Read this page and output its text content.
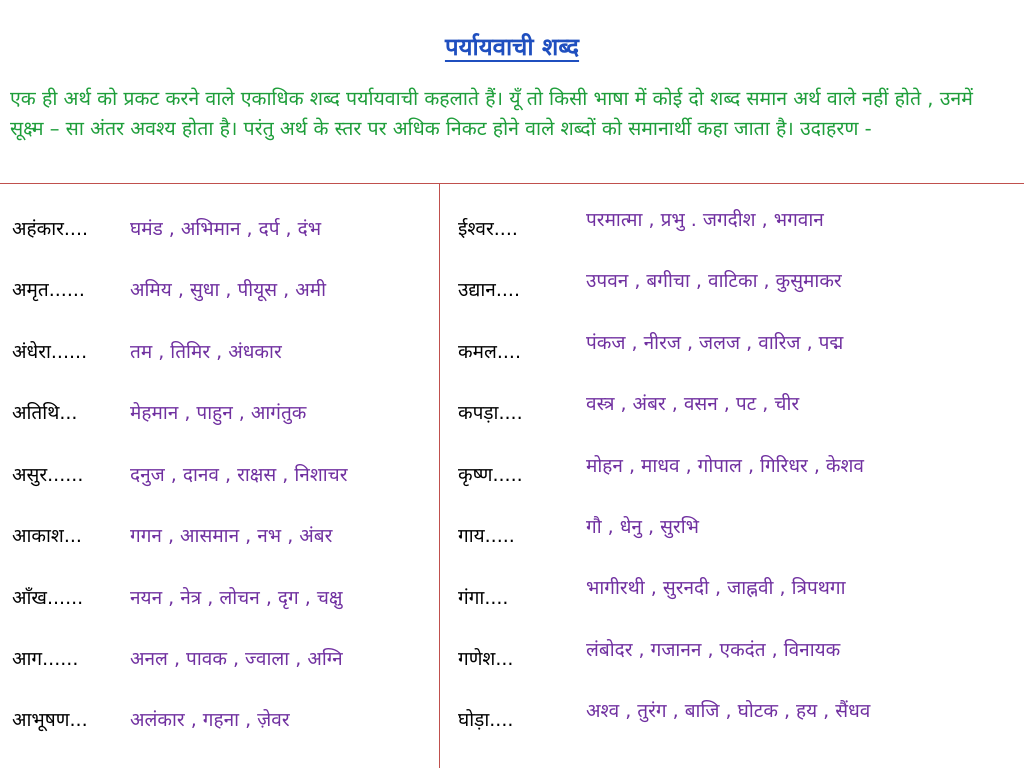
पर्यायवाची शब्द
एक ही अर्थ को प्रकट करने वाले एकाधिक शब्द पर्यायवाची कहलाते हैं। यूँ तो किसी भाषा में कोई दो शब्द समान अर्थ वाले नहीं होते , उनमें सूक्ष्म – सा अंतर अवश्य होता है। परंतु अर्थ के स्तर पर अधिक निकट होने वाले शब्दों को समानार्थी कहा जाता है। उदाहरण -
अहंकार.... घमंड , अभिमान , दर्प , दंभ
अमृत...... अमिय , सुधा , पीयूस , अमी
अंधेरा...... तम , तिमिर , अंधकार
अतिथि...	मेहमान , पाहुन , आगंतुक
असुर...... दनुज , दानव , राक्षस , निशाचर
आकाश...	गगन , आसमान , नभ , अंबर
आँख...... नयन , नेत्र , लोचन , दृग , चक्षु
आग......	अनल , पावक , ज्वाला , अग्नि
आभूषण... अलंकार , गहना , ज़ेवर
ईश्वर....	परमात्मा , प्रभु . जगदीश , भगवान
उद्यान....	उपवन , बगीचा , वाटिका , कुसुमाकर
कमल....	पंकज , नीरज , जलज , वारिज , पद्म
कपड़ा....	वस्त्र , अंबर , वसन , पट , चीर
कृष्ण.....	मोहन , माधव , गोपाल , गिरिधर , केशव
गाय.....	गौ , धेनु , सुरभि
गंगा....	भागीरथी , सुरनदी , जाह्नवी , त्रिपथगा
गणेश...	लंबोदर , गजानन , एकदंत , विनायक
घोड़ा....	अश्व , तुरंग , बाजि , घोटक , हय , सैंधव
